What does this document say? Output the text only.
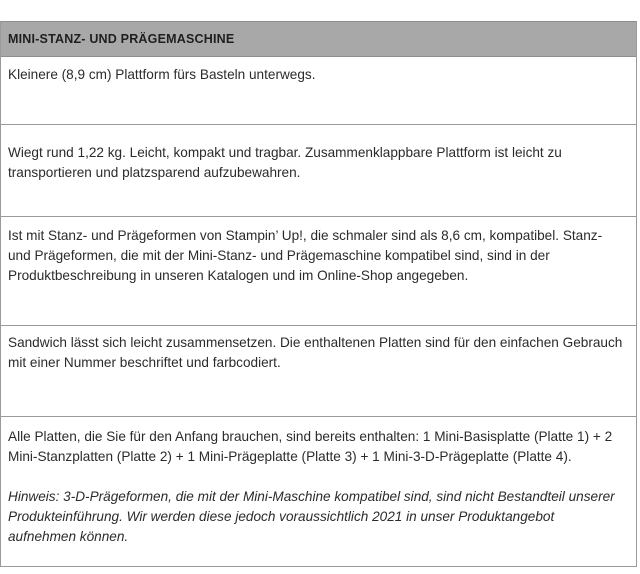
MINI-STANZ- UND PRÄGEMASCHINE

Kleinere (8,9 cm) Plattform fürs Basteln unterwegs.

Wiegt rund 1,22 kg. Leicht, kompakt und tragbar. Zusammenklappbare Plattform ist leicht zu transportieren und platzsparend aufzubewahren.

Ist mit Stanz- und Prägeformen von Stampin’ Up!, die schmaler sind als 8,6 cm, kompatibel. Stanz- und Prägeformen, die mit der Mini-Stanz- und Prägemaschine kompatibel sind, sind in der Produktbeschreibung in unseren Katalogen und im Online-Shop angegeben.

Sandwich lässt sich leicht zusammensetzen. Die enthaltenen Platten sind für den einfachen Gebrauch mit einer Nummer beschriftet und farbcodiert.

Alle Platten, die Sie für den Anfang brauchen, sind bereits enthalten: 1 Mini-Basisplatte (Platte 1) + 2 Mini-Stanzplatten (Platte 2) + 1 Mini-Prägeplatte (Platte 3) + 1 Mini-3-D-Prägeplatte (Platte 4).

Hinweis: 3-D-Prägeformen, die mit der Mini-Maschine kompatibel sind, sind nicht Bestandteil unserer Produkteinführung. Wir werden diese jedoch voraussichtlich 2021 in unser Produktangebot aufnehmen können.
